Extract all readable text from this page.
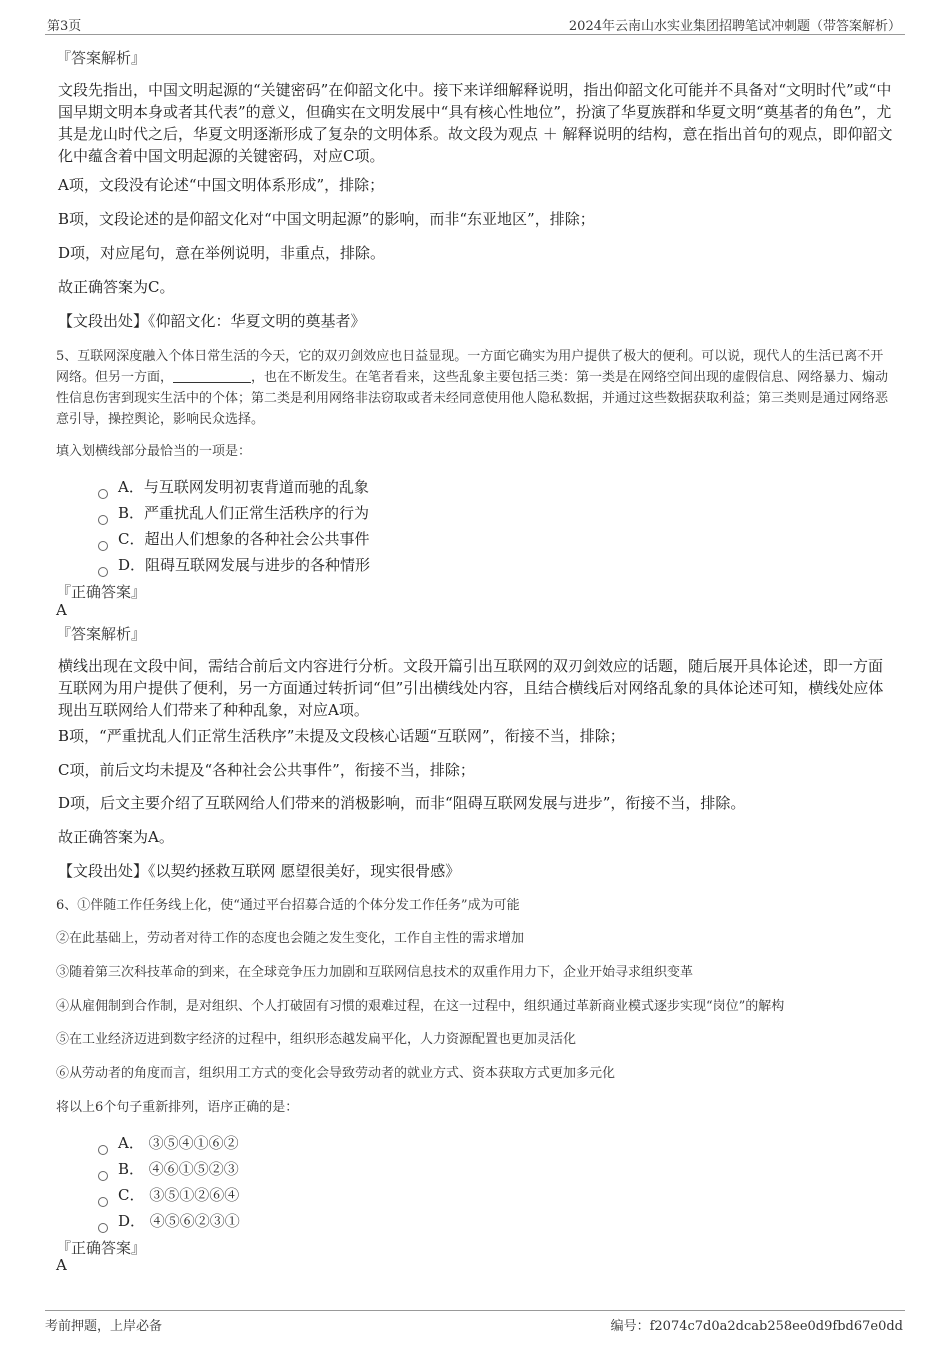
第3页	2024年云南山水实业集团招聘笔试冲刺题（带答案解析）
『答案解析』
文段先指出，中国文明起源的“关键密码”在仰韶文化中。接下来详细解释说明，指出仰韶文化可能并不具备对“文明时代”或“中国早期文明本身或者其代表”的意义，但确实在文明发展中“具有核心性地位”，扮演了华夏族群和华夏文明“奠基者的角色”，尤其是龙山时代之后，华夏文明逐渐形成了复杂的文明体系。故文段为观点 ＋ 解释说明的结构，意在指出首句的观点，即仰韶文化中蕴含着中国文明起源的关键密码，对应C项。
A项，文段没有论述“中国文明体系形成”，排除；
B项，文段论述的是仰韶文化对“中国文明起源”的影响，而非“东亚地区”，排除；
D项，对应尾句，意在举例说明，非重点，排除。
故正确答案为C。
【文段出处】《仰韶文化：华夏文明的奠基者》
5、互联网深度融入个体日常生活的今天，它的双刃剑效应也日益显现。一方面它确实为用户提供了极大的便利。可以说，现代人的生活已离不开网络。但另一方面，	，也在不断发生。在笔者看来，这些乱象主要包括三类：第一类是在网络空间出现的虚假信息、网络暴力、煽动性信息伤害到现实生活中的个体；第二类是利用网络非法窃取或者未经同意使用他人隐私数据，并通过这些数据获取利益；第三类则是通过网络恶意引导，操控舆论，影响民众选择。
填入划横线部分最恰当的一项是：
A．与互联网发明初衷背道而驰的乱象
B．严重扰乱人们正常生活秩序的行为
C．超出人们想象的各种社会公共事件
D．阻碍互联网发展与进步的各种情形
『正确答案』
A
『答案解析』
横线出现在文段中间，需结合前后文内容进行分析。文段开篇引出互联网的双刃剑效应的话题，随后展开具体论述，即一方面互联网为用户提供了便利，另一方面通过转折词“但”引出横线处内容，且结合横线后对网络乱象的具体论述可知，横线处应体现出互联网给人们带来了种种乱象，对应A项。
B项，“严重扰乱人们正常生活秩序”未提及文段核心话题“互联网”，衔接不当，排除；
C项，前后文均未提及“各种社会公共事件”，衔接不当，排除；
D项，后文主要介绍了互联网给人们带来的消极影响，而非“阻碍互联网发展与进步”，衔接不当，排除。
故正确答案为A。
【文段出处】《以契约拯救互联网 愿望很美好，现实很骨感》
6、①伴随工作任务线上化，使“通过平台招募合适的个体分发工作任务”成为可能
②在此基础上，劳动者对待工作的态度也会随之发生变化，工作自主性的需求增加
③随着第三次科技革命的到来，在全球竞争压力加剧和互联网信息技术的双重作用力下，企业开始寻求组织变革
④从雇佣制到合作制，是对组织、个人打破固有习惯的艰难过程，在这一过程中，组织通过革新商业模式逐步实现“岗位”的解构
⑤在工业经济迈进到数字经济的过程中，组织形态越发扁平化，人力资源配置也更加灵活化
⑥从劳动者的角度而言，组织用工方式的变化会导致劳动者的就业方式、资本获取方式更加多元化
将以上6个句子重新排列，语序正确的是：
A． ③⑤④①⑥②
B． ④⑥①⑤②③
C． ③⑤①②⑥④
D． ④⑤⑥②③①
『正确答案』
A
考前押题，上岸必备	编号：f2074c7d0a2dcab258ee0d9fbd67e0dd
